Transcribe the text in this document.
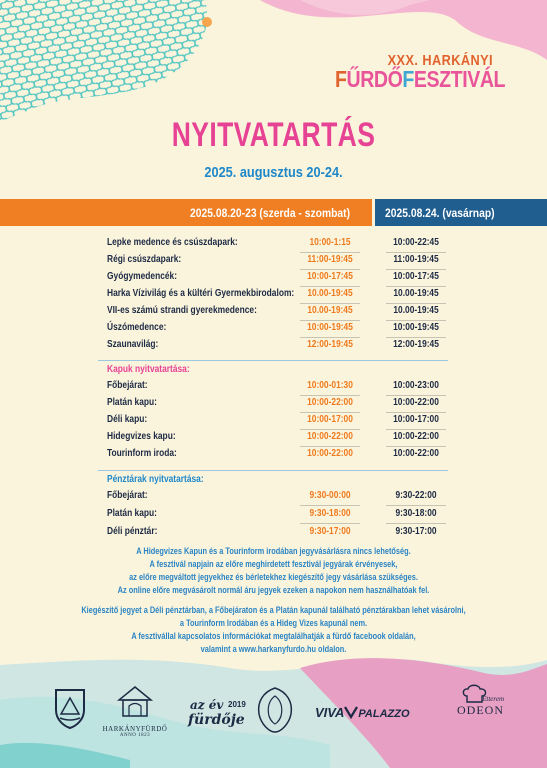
XXX. HARKÁNYI
FŰRDŐFESZTIVÁL
NYITVATARTÁS
2025. augusztus 20-24.
2025.08.20-23 (szerda - szombat)	2025.08.24. (vasárnap)
Lepke medence és csúszdapark:	10:00-1:15	10:00-22:45
Régi csúszdapark:	11:00-19:45	11:00-19:45
Gyógymedencék:	10:00-17:45	10:00-17:45
Harka Vízivilág és a kültéri Gyermekbirodalom: 10.00-19:45	10.00-19:45
VII-es számú strandi gyerekmedence:	10.00-19:45	10.00-19:45
Úszómedence:	10:00-19:45	10:00-19:45
Szaunavilág:	12:00-19:45	12:00-19:45
Kapuk nyitvatartása:
Főbejárat:	10:00-01:30	10:00-23:00
Platán kapu:	10:00-22:00	10:00-22:00
Déli kapu:	10:00-17:00	10:00-17:00
Hidegvizes kapu:	10:00-22:00	10:00-22:00
Tourinform iroda:	10:00-22:00	10:00-22:00
Pénztárak nyitvatartása:
Főbejárat:	9:30-00:00	9:30-22:00
Platán kapu:	9:30-18:00	9:30-18:00
Déli pénztár:	9:30-17:00	9:30-17:00
A Hidegvizes Kapun és a Tourinform irodában jegyvásárlásra nincs lehetőség.
A fesztivál napjain az előre meghirdetett fesztivál jegyárak érvényesek,
az előre megváltott jegyekhez és bérletekhez kiegészítő jegy vásárlása szükséges.
Az online előre megvásárolt normál áru jegyek ezeken a napokon nem használhatóak fel.
Kiegészítő jegyet a Déli pénztárban, a Főbejáraton és a Platán kapunál található pénztárakban lehet vásárolni,
a Tourinform Irodában és a Hideg Vizes kapunál nem.
A fesztivállal kapcsolatos információkat megtalálhatják a fürdő facebook oldalán,
valamint a www.harkanyfurdo.hu oldalon.
HARKÁNYFÜRDŐ
ANNO 1823
az év 2019
fürdője	VIVA PALAZZO
Étterem
ODEON
